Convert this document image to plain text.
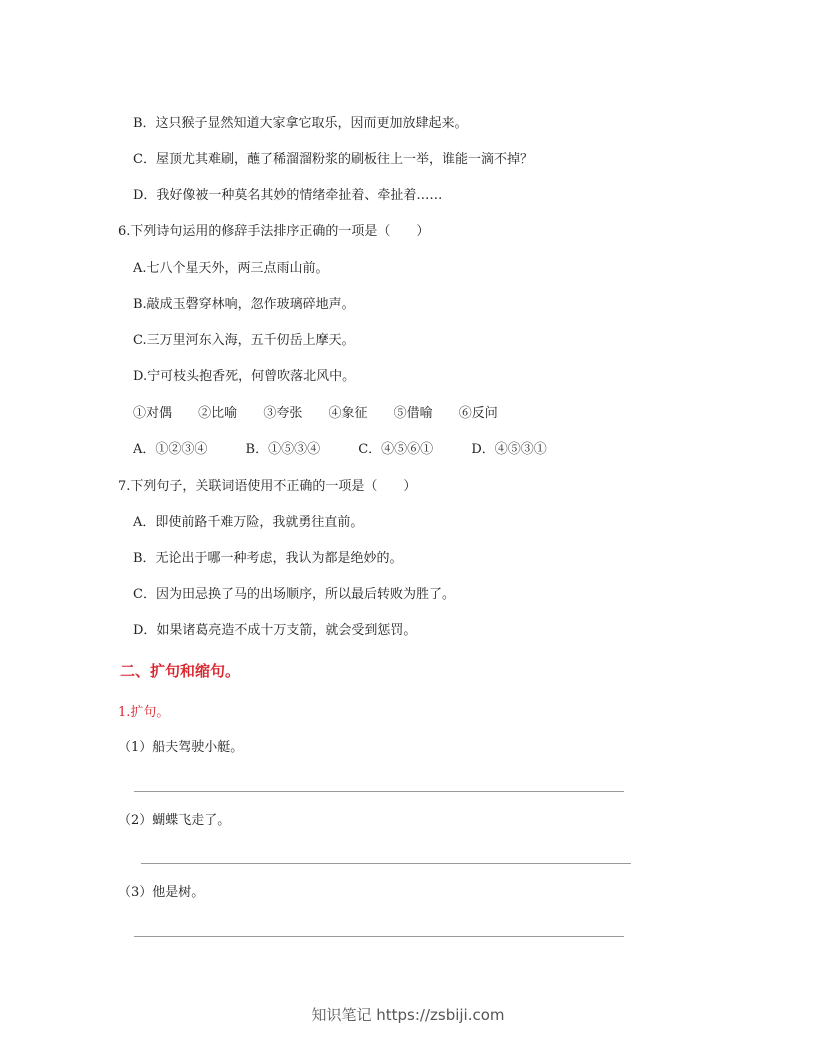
B．这只猴子显然知道大家拿它取乐，因而更加放肆起来。
C．屋顶尤其难刷，蘸了稀溜溜粉浆的刷板往上一举，谁能一滴不掉？
D．我好像被一种莫名其妙的情绪牵扯着、牵扯着……
6.下列诗句运用的修辞手法排序正确的一项是（　　）
A.七八个星天外，两三点雨山前。
B.敲成玉磬穿林响，忽作玻璃碎地声。
C.三万里河东入海，五千仞岳上摩天。
D.宁可枝头抱香死，何曾吹落北风中。
①对偶 ②比喻 ③夸张 ④象征 ⑤借喻 ⑥反问
A．①②③④	B．①⑤③④	C．④⑤⑥①	D．④⑤③①
7.下列句子，关联词语使用不正确的一项是（　　）
A．即使前路千难万险，我就勇往直前。
B．无论出于哪一种考虑，我认为都是绝妙的。
C．因为田忌换了马的出场顺序，所以最后转败为胜了。
D．如果诸葛亮造不成十万支箭，就会受到惩罚。
二、扩句和缩句。
1.扩句。
（1）船夫驾驶小艇。
（2）蝴蝶飞走了。
（3）他是树。
知识笔记 https://zsbiji.com
